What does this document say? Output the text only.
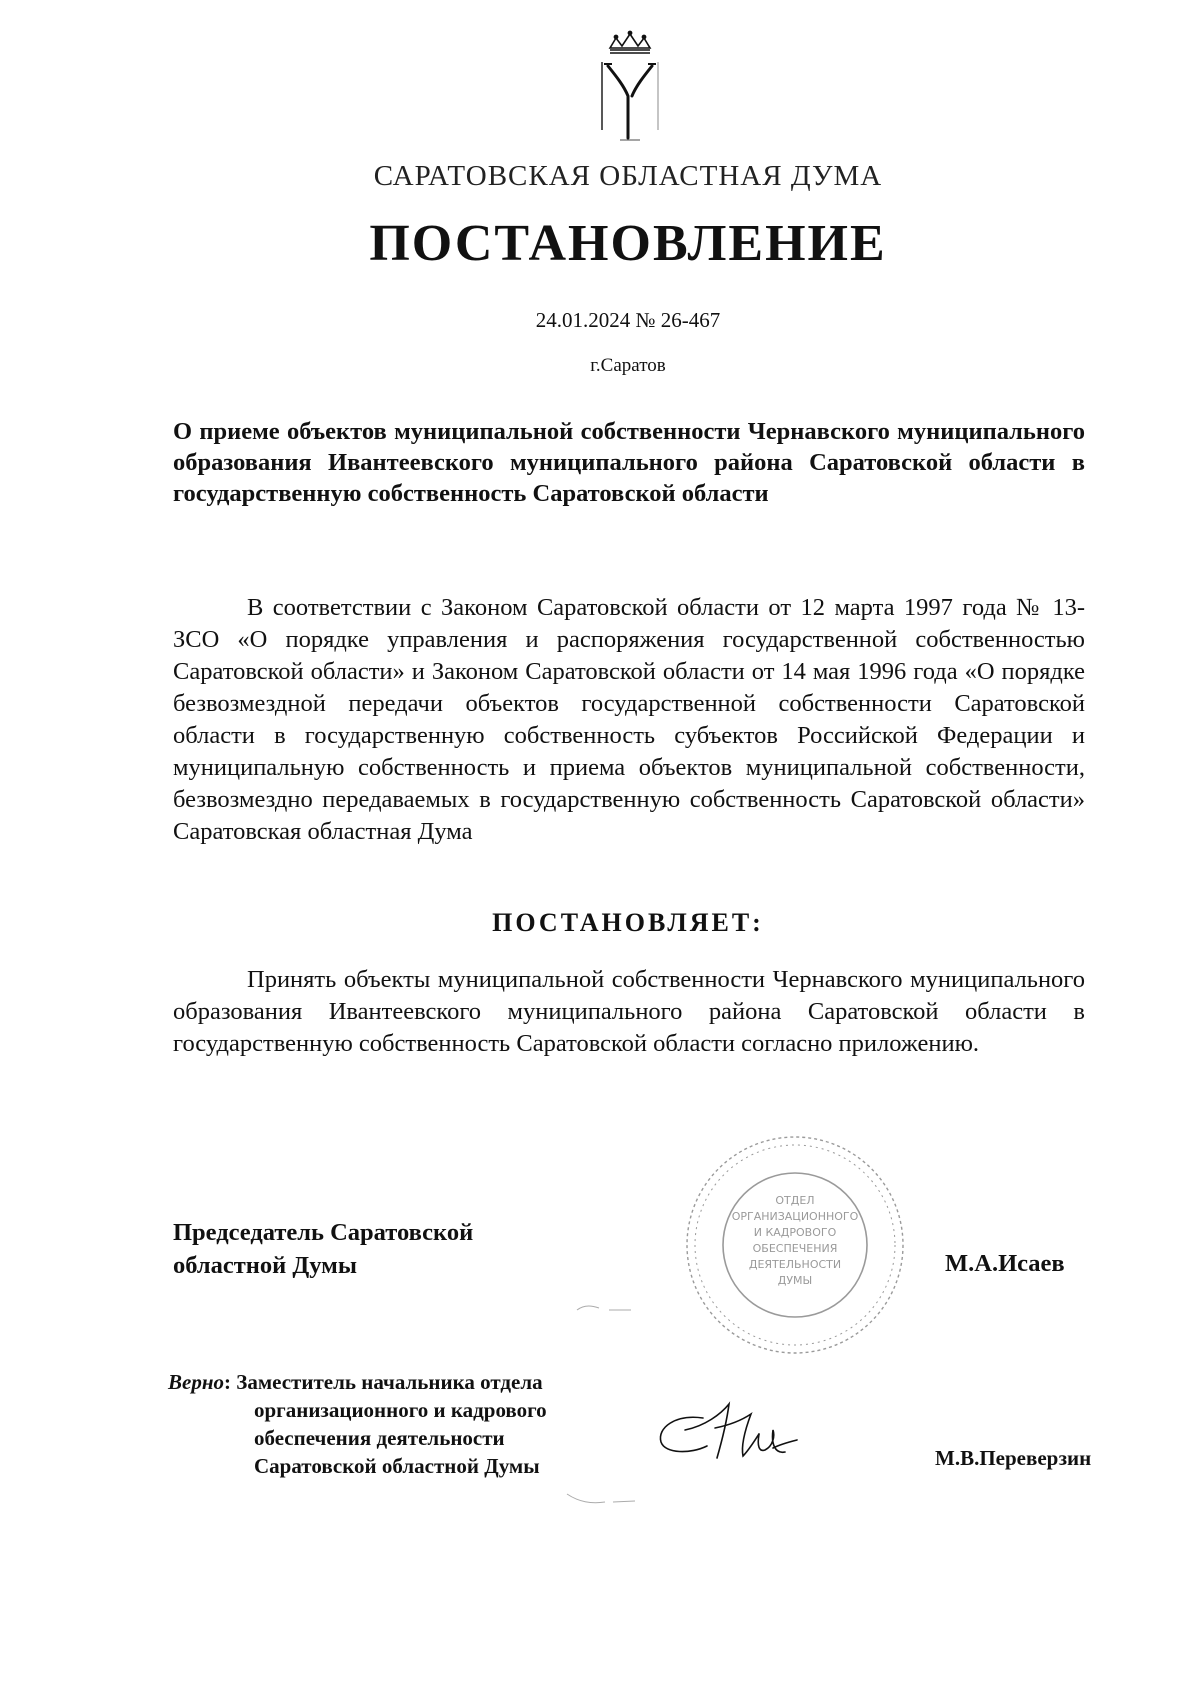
САРАТОВСКАЯ ОБЛАСТНАЯ ДУМА
ПОСТАНОВЛЕНИЕ
24.01.2024 № 26-467
г.Саратов
О приеме объектов муниципальной собственности Чернавского муниципального образования Ивантеевского муниципального района Саратовской области в государственную собственность Саратовской области
В соответствии с Законом Саратовской области от 12 марта 1997 года № 13-ЗСО «О порядке управления и распоряжения государственной собственностью Саратовской области» и Законом Саратовской области от 14 мая 1996 года «О порядке безвозмездной передачи объектов государственной собственности Саратовской области в государственную собственность субъектов Российской Федерации и муниципальную собственность и приема объектов муниципальной собственности, безвозмездно передаваемых в государственную собственность Саратовской области» Саратовская областная Дума
ПОСТАНОВЛЯЕТ:
Принять объекты муниципальной собственности Чернавского муниципального образования Ивантеевского муниципального района Саратовской области в государственную собственность Саратовской области согласно приложению.
ОТДЕЛ
ОРГАНИЗАЦИОННОГО
И КАДРОВОГО
ОБЕСПЕЧЕНИЯ
ДЕЯТЕЛЬНОСТИ
ДУМЫ
Председатель Саратовской
областной Думы	М.А.Исаев
Верно: Заместитель начальника отдела
организационного и кадрового
обеспечения деятельности
Саратовской областной Думы	М.В.Переверзин
